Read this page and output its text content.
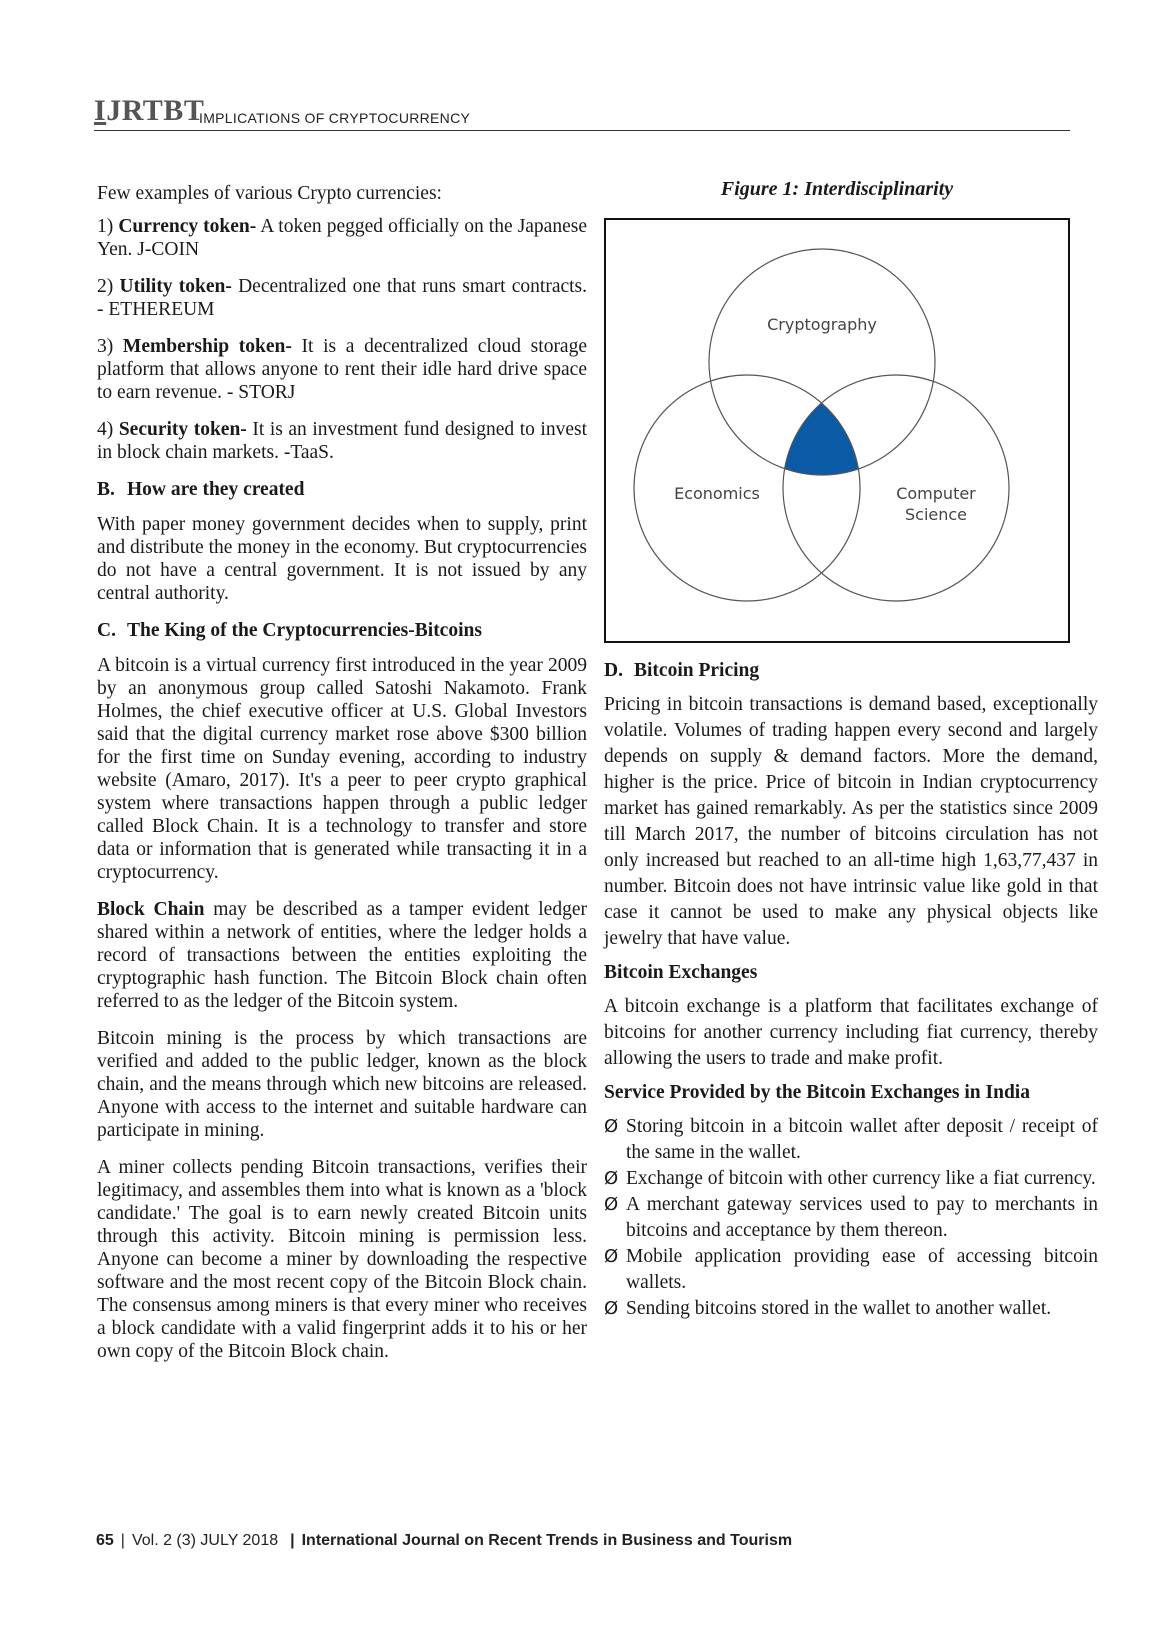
IJRTBT
IMPLICATIONS OF CRYPTOCURRENCY

Few examples of various Crypto currencies:

1) Currency token- A token pegged officially on the Japanese Yen. J-COIN

2) Utility token- Decentralized one that runs smart contracts. - ETHEREUM

3) Membership token- It is a decentralized cloud storage platform that allows anyone to rent their idle hard drive space to earn revenue. - STORJ

4) Security token- It is an investment fund designed to invest in block chain markets. -TaaS.

B. How are they created

With paper money government decides when to supply, print and distribute the money in the economy. But cryptocurrencies do not have a central government. It is not issued by any central authority.

C. The King of the Cryptocurrencies-Bitcoins

A bitcoin is a virtual currency first introduced in the year 2009 by an anonymous group called Satoshi Nakamoto. Frank Holmes, the chief executive officer at U.S. Global Investors said that the digital currency market rose above $300 billion for the first time on Sunday evening, according to industry website (Amaro, 2017). It's a peer to peer crypto graphical system where transactions happen through a public ledger called Block Chain. It is a technology to transfer and store data or information that is generated while transacting it in a cryptocurrency.

Block Chain may be described as a tamper evident ledger shared within a network of entities, where the ledger holds a record of transactions between the entities exploiting the cryptographic hash function. The Bitcoin Block chain often referred to as the ledger of the Bitcoin system.

Bitcoin mining is the process by which transactions are verified and added to the public ledger, known as the block chain, and the means through which new bitcoins are released. Anyone with access to the internet and suitable hardware can participate in mining.

A miner collects pending Bitcoin transactions, verifies their legitimacy, and assembles them into what is known as a 'block candidate.' The goal is to earn newly created Bitcoin units through this activity. Bitcoin mining is permission less. Anyone can become a miner by downloading the respective software and the most recent copy of the Bitcoin Block chain. The consensus among miners is that every miner who receives a block candidate with a valid fingerprint adds it to his or her own copy of the Bitcoin Block chain.

Figure 1: Interdisciplinarity
Cryptography
Economics	Computer
Science
D. Bitcoin Pricing

Pricing in bitcoin transactions is demand based, exceptionally volatile. Volumes of trading happen every second and largely depends on supply & demand factors. More the demand, higher is the price. Price of bitcoin in Indian cryptocurrency market has gained remarkably. As per the statistics since 2009 till March 2017, the number of bitcoins circulation has not only increased but reached to an all-time high 1,63,77,437 in number. Bitcoin does not have intrinsic value like gold in that case it cannot be used to make any physical objects like jewelry that have value.

Bitcoin Exchanges

A bitcoin exchange is a platform that facilitates exchange of bitcoins for another currency including fiat currency, thereby allowing the users to trade and make profit.

Service Provided by the Bitcoin Exchanges in India
Ø Storing bitcoin in a bitcoin wallet after deposit / receipt of the same in the wallet.
Ø Exchange of bitcoin with other currency like a fiat currency.
Ø A merchant gateway services used to pay to merchants in bitcoins and acceptance by them thereon.
Ø Mobile application providing ease of accessing bitcoin wallets.
Ø Sending bitcoins stored in the wallet to another wallet.
65 | Vol. 2 (3) JULY 2018 | International Journal on Recent Trends in Business and Tourism
